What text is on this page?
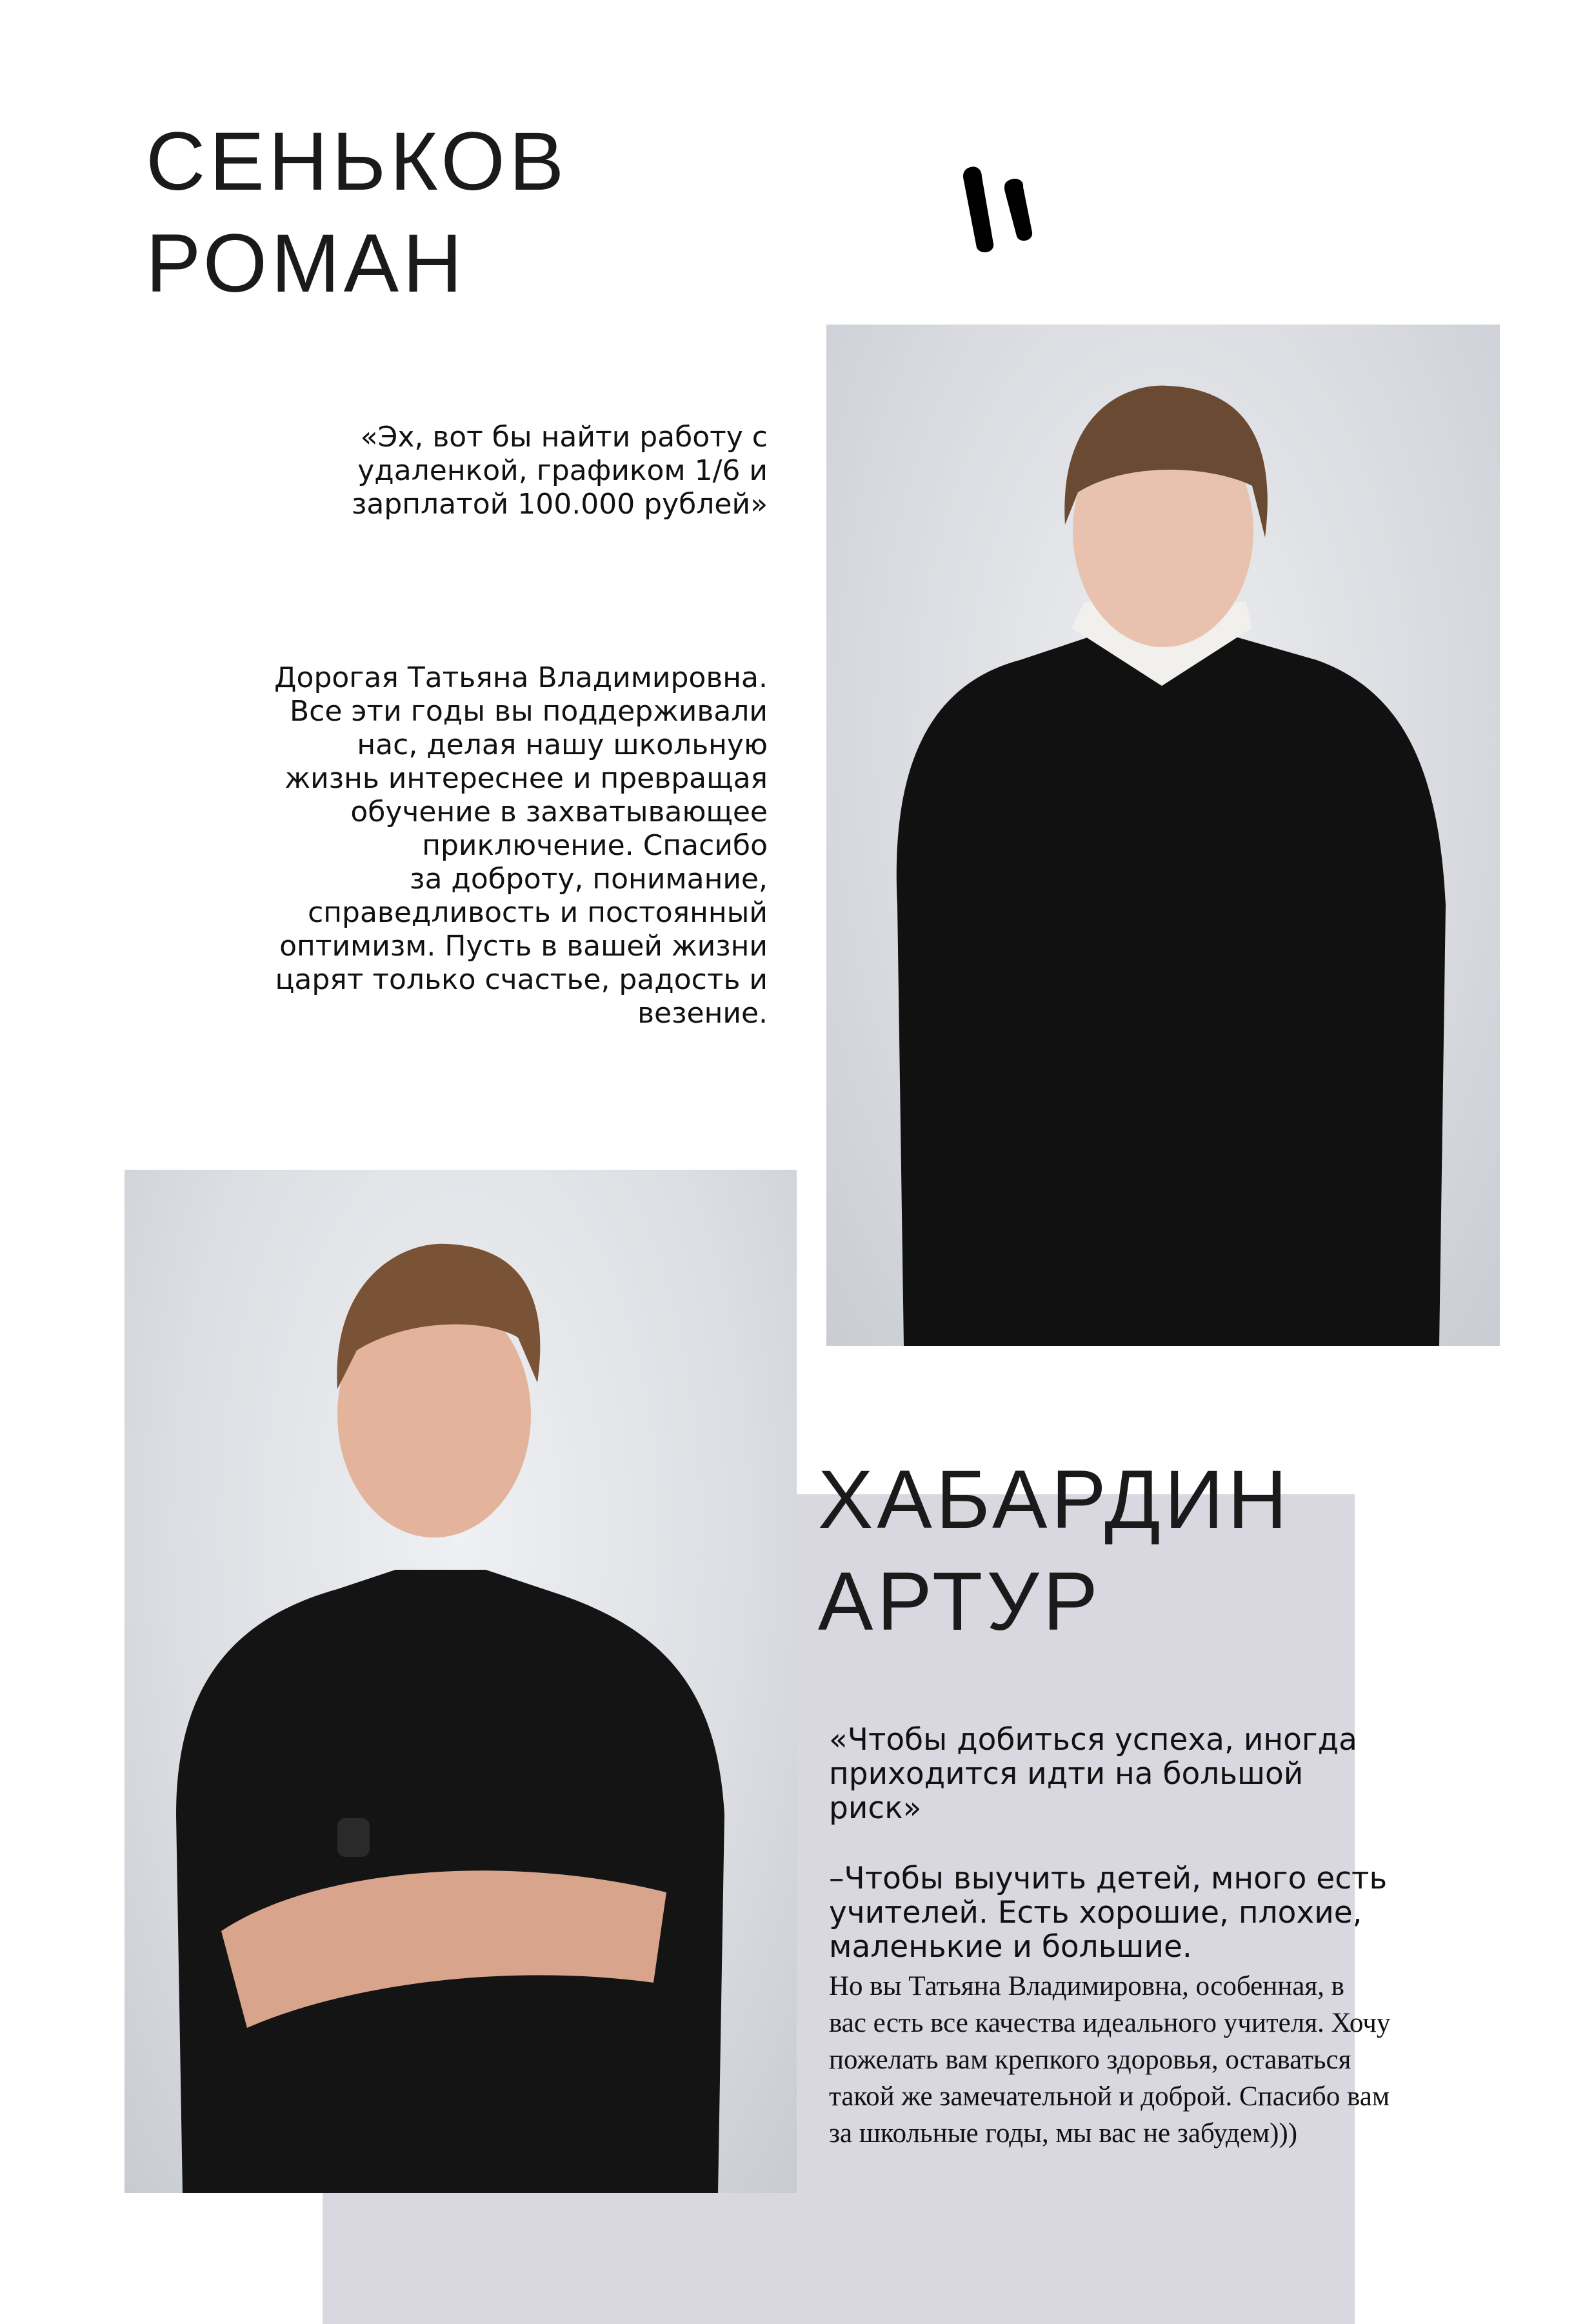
СЕНЬКОВ
РОМАН
«Эх, вот бы найти работу с
удаленкой, графиком 1/6 и
зарплатой 100.000 рублей»
Дорогая Татьяна Владимировна.
Все эти годы вы поддерживали
нас, делая нашу школьную
жизнь интереснее и превращая
обучение в захватывающее
приключение. Спасибо
за доброту, понимание,
справедливость и постоянный
оптимизм. Пусть в вашей жизни
царят только счастье, радость и
везение.
ХАБАРДИН
АРТУР
«Чтобы добиться успеха, иногда
приходится идти на большой
риск»
–Чтобы выучить детей, много есть
учителей. Есть хорошие, плохие,
маленькие и большие.
Но вы Татьяна Владимировна, особенная, в
вас есть все качества идеального учителя. Хочу
пожелать вам крепкого здоровья, оставаться
такой же замечательной и доброй. Спасибо вам
за школьные годы, мы вас не забудем)))
